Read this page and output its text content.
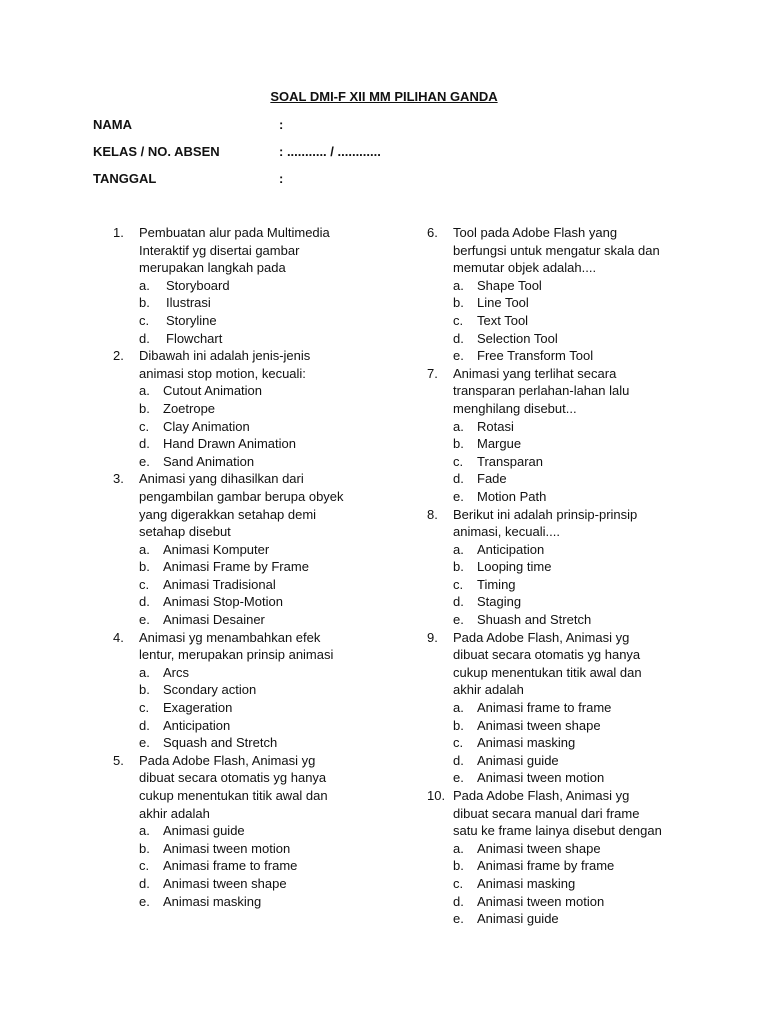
SOAL DMI-F XII MM PILIHAN GANDA
NAMA	:
KELAS / NO. ABSEN	: ........... / ............
TANGGAL	:
1.	Pembuatan alur pada Multimedia Interaktif yg disertai gambar merupakan langkah pada
a. Storyboard
b. Ilustrasi
c. Storyline
d. Flowchart
2.	Dibawah ini adalah jenis-jenis animasi stop motion, kecuali:
a. Cutout Animation
b. Zoetrope
c. Clay Animation
d. Hand Drawn Animation
e. Sand Animation
3.	Animasi yang dihasilkan dari pengambilan gambar berupa obyek yang digerakkan setahap demi setahap disebut
a. Animasi Komputer
b. Animasi Frame by Frame
c. Animasi Tradisional
d. Animasi Stop-Motion
e. Animasi Desainer
4.	Animasi yg menambahkan efek lentur, merupakan prinsip animasi
a. Arcs
b. Scondary action
c. Exageration
d. Anticipation
e. Squash and Stretch
5.	Pada Adobe Flash, Animasi yg dibuat secara otomatis yg hanya cukup menentukan titik awal dan akhir adalah
a. Animasi guide
b. Animasi tween motion
c. Animasi frame to frame
d. Animasi tween shape
e. Animasi masking
6.	Tool pada Adobe Flash yang berfungsi untuk mengatur skala dan memutar objek adalah....
a. Shape Tool
b. Line Tool
c. Text Tool
d. Selection Tool
e. Free Transform Tool
7.	Animasi yang terlihat secara transparan perlahan-lahan lalu menghilang disebut...
a. Rotasi
b. Margue
c. Transparan
d. Fade
e. Motion Path
8.	Berikut ini adalah prinsip-prinsip animasi, kecuali....
a. Anticipation
b. Looping time
c. Timing
d. Staging
e. Shuash and Stretch
9.	Pada Adobe Flash, Animasi yg dibuat secara otomatis yg hanya cukup menentukan titik awal dan akhir adalah
a. Animasi frame to frame
b. Animasi tween shape
c. Animasi masking
d. Animasi guide
e. Animasi tween motion
10. Pada Adobe Flash, Animasi yg dibuat secara manual dari frame satu ke frame lainya disebut dengan
a. Animasi tween shape
b. Animasi frame by frame
c. Animasi masking
d. Animasi tween motion
e. Animasi guide
